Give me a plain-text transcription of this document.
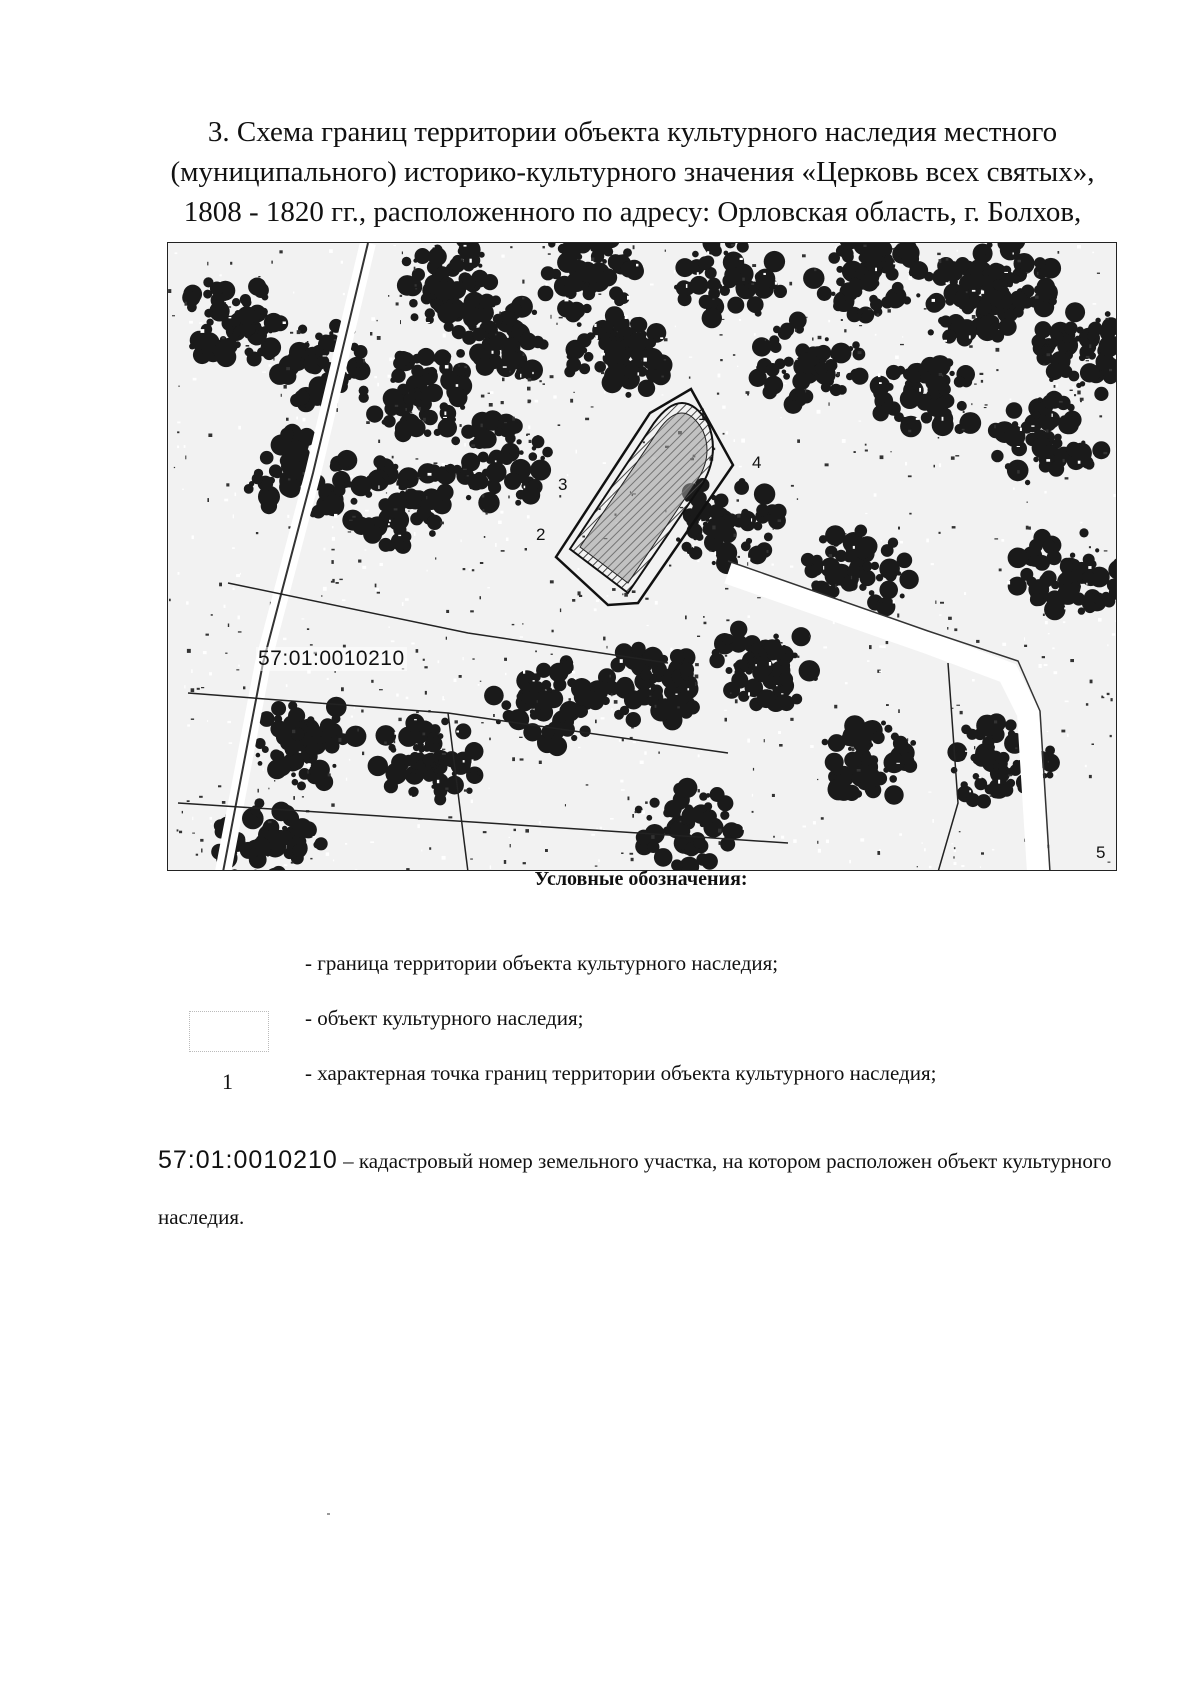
3. Схема границ территории объекта культурного наследия местного (муниципального) историко-культурного значения «Церковь всех святых», 1808 - 1820 гг., расположенного по адресу: Орловская область, г. Болхов,

57:01:0010210
2
3
1
4
5
Условные обозначения:
- граница территории объекта культурного наследия;
- объект культурного наследия;
1	- характерная точка границ территории объекта культурного наследия;

57:01:0010210 – кадастровый номер земельного участка, на котором расположен объект культурного наследия.
